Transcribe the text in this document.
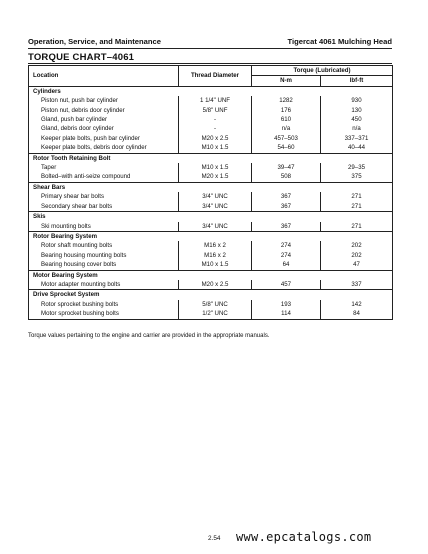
Operation, Service, and Maintenance	Tigercat 4061 Mulching Head
TORQUE CHART–4061
Location	Thread Diameter	Torque (Lubricated)	
		N-m	lbf-ft
Cylinders			
Piston nut, push bar cylinder	1 1/4" UNF	1282	930
Piston nut, debris door cylinder	5/8" UNF	176	130
Gland, push bar cylinder	-	610	450
Gland, debris door cylinder	-	n/a	n/a
Keeper plate bolts, push bar cylinder	M20 x 2.5	457–503	337–371
Keeper plate bolts, debris door cylinder	M10 x 1.5	54–60	40–44
Rotor Tooth Retaining Bolt			
Taper	M10 x 1.5	39–47	29–35
Bolted–with anti-seize compound	M20 x 1.5	508	375
Shear Bars			
Primary shear bar bolts	3/4" UNC	367	271
Secondary shear bar bolts	3/4" UNC	367	271
Skis			
Ski mounting bolts	3/4" UNC	367	271
Rotor Bearing System			
Rotor shaft mounting bolts	M16 x 2	274	202
Bearing housing mounting bolts	M16 x 2	274	202
Bearing housing cover bolts	M10 x 1.5	64	47
Motor Bearing System			
Motor adapter mounting bolts	M20 x 2.5	457	337
Drive Sprocket System			
Rotor sprocket bushing bolts	5/8" UNC	193	142
Motor sprocket bushing bolts	1/2" UNC	114	84
Torque values pertaining to the engine and carrier are provided in the appropriate manuals.
2.54 www.epcatalogs.com
